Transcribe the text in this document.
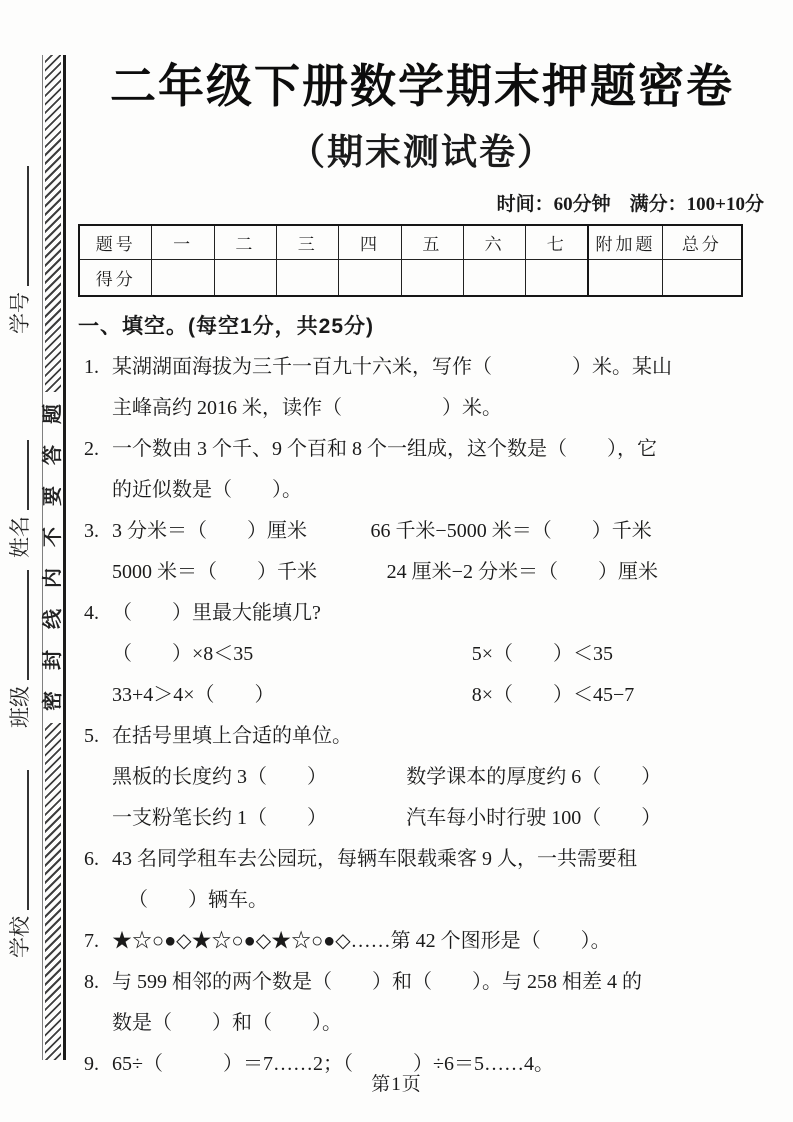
题
答
要
不
内
线
封
密
学号
姓名
班级
学校
二年级下册数学期末押题密卷
（期末测试卷）
时间：60分钟　满分：100+10分
题号	一	二	三	四	五	六	七	附加题	总分
得分									
一、填空。(每空1分，共25分)
1. 某湖湖面海拔为三千一百九十六米，写作（　　　　）米。某山
主峰高约 2016 米，读作（　　　　　）米。
2. 一个数由 3 个千、9 个百和 8 个一组成，这个数是（　　），它
的近似数是（　　）。
3. 3 分米＝（　　）厘米	66 千米−5000 米＝（　　）千米
5000 米＝（　　）千米	24 厘米−2 分米＝（　　）厘米
4. （　　）里最大能填几?
（　　）×8＜35	5×（　　）＜35
33+4＞4×（　　）	8×（　　）＜45−7
5. 在括号里填上合适的单位。
黑板的长度约 3（　　）	数学课本的厚度约 6（　　）
一支粉笔长约 1（　　）	汽车每小时行驶 100（　　）
6. 43 名同学租车去公园玩，每辆车限载乘客 9 人，一共需要租
（　　）辆车。
7. ★☆○●◇★☆○●◇★☆○●◇……第 42 个图形是（　　）。
8. 与 599 相邻的两个数是（　　）和（　　）。与 258 相差 4 的
数是（　　）和（　　）。
9. 65÷（　　　）＝7……2；（　　　）÷6＝5……4。
第1页
